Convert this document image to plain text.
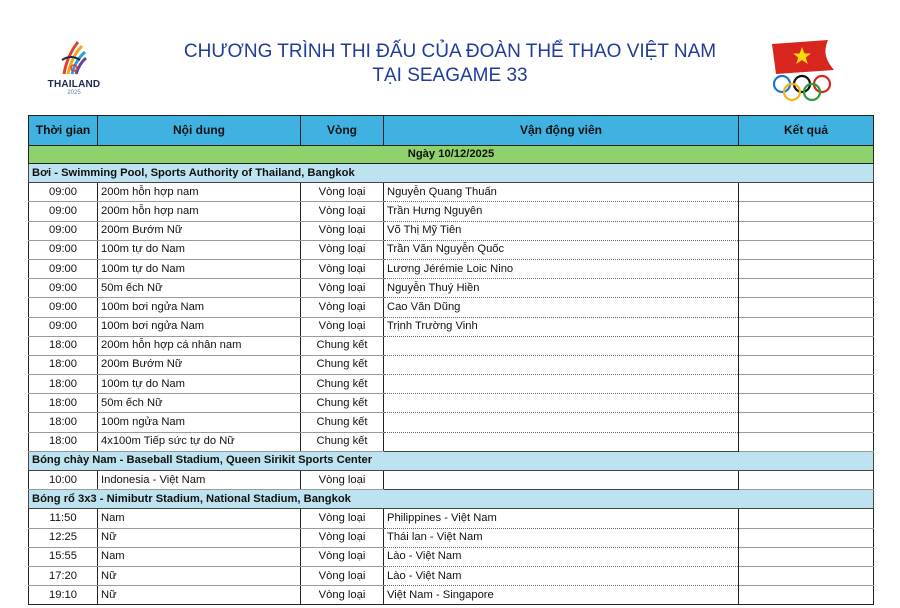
THAILAND
2025
CHƯƠNG TRÌNH THI ĐẤU CỦA ĐOÀN THỂ THAO VIỆT NAM
TẠI SEAGAME 33
Thời gian	Nội dung	Vòng	Vận động viên	Kết quả
Ngày 10/12/2025				
Bơi - Swimming Pool, Sports Authority of Thailand, Bangkok				
09:00	200m hỗn hợp nam	Vòng loại	Nguyễn Quang Thuấn	
09:00	200m hỗn hợp nam	Vòng loại	Trần Hưng Nguyên	
09:00	200m Bướm Nữ	Vòng loại	Võ Thị Mỹ Tiên	
09:00	100m tự do Nam	Vòng loại	Trần Văn Nguyễn Quốc	
09:00	100m tự do Nam	Vòng loại	Lương Jérémie Loic Nino	
09:00	50m ếch Nữ	Vòng loại	Nguyễn Thuý Hiền	
09:00	100m bơi ngửa Nam	Vòng loại	Cao Văn Dũng	
09:00	100m bơi ngửa Nam	Vòng loại	Trịnh Trường Vinh	
18:00	200m hỗn hợp cá nhân nam	Chung kết		
18:00	200m Bướm Nữ	Chung kết		
18:00	100m tự do Nam	Chung kết		
18:00	50m ếch Nữ	Chung kết		
18:00	100m ngửa Nam	Chung kết		
18:00	4x100m Tiếp sức tự do Nữ	Chung kết		
Bóng chày Nam - Baseball Stadium, Queen Sirikit Sports Center				
10:00	Indonesia - Việt Nam	Vòng loại		
Bóng rổ 3x3 - Nimibutr Stadium, National Stadium, Bangkok				
11:50	Nam	Vòng loại	Philippines - Việt Nam	
12:25	Nữ	Vòng loại	Thái lan - Việt Nam	
15:55	Nam	Vòng loại	Lào - Việt Nam	
17:20	Nữ	Vòng loại	Lào - Việt Nam	
19:10	Nữ	Vòng loại	Việt Nam - Singapore	
